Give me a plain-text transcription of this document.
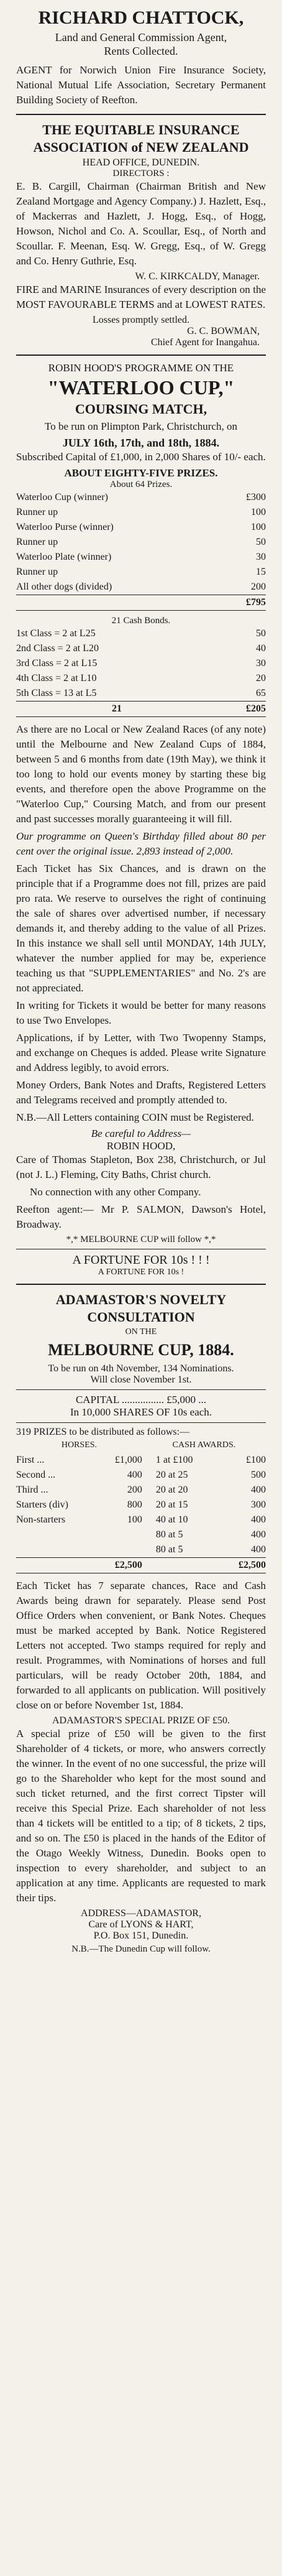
RICHARD CHATTOCK,
Land and General Commission Agent,
Rents Collected.

AGENT for Norwich Union Fire Insurance Society, National Mutual Life Association, Secretary Permanent Building Society of Reefton.

THE EQUITABLE INSURANCE ASSOCIATION of NEW ZEALAND
HEAD OFFICE, DUNEDIN.
DIRECTORS :

E. B. Cargill, Chairman (Chairman British and New Zealand Mortgage and Agency Company.) J. Hazlett, Esq., of Mackerras and Hazlett, J. Hogg, Esq., of Hogg, Howson, Nichol and Co. A. Scoullar, Esq., of North and Scoullar. F. Meenan, Esq. W. Gregg, Esq., of W. Gregg and Co. Henry Guthrie, Esq.

W. C. KIRKCALDY, Manager.

FIRE and MARINE Insurances of every description on the MOST FAVOURABLE TERMS and at LOWEST RATES.

Losses promptly settled.
G. C. BOWMAN,
Chief Agent for Inangahua.
ROBIN HOOD'S PROGRAMME ON THE
"WATERLOO CUP,"
COURSING MATCH,

To be run on Plimpton Park, Christchurch, on

JULY 16th, 17th, and 18th, 1884.

Subscribed Capital of £1,000, in 2,000 Shares of 10/- each.

ABOUT EIGHTY-FIVE PRIZES.
About 64 Prizes.
Waterloo Cup (winner)	£300
Runner up	100
Waterloo Purse (winner)	100
Runner up	50
Waterloo Plate (winner)	30
Runner up	15
All other dogs (divided)	200
	£795
21 Cash Bonds.
1st Class = 2 at L25	50
2nd Class = 2 at L20	40
3rd Class = 2 at L15	30
4th Class = 2 at L10	20
5th Class = 13 at L5	65
21	£205

As there are no Local or New Zealand Races (of any note) until the Melbourne and New Zealand Cups of 1884, between 5 and 6 months from date (19th May), we think it too long to hold our events money by starting these big events, and therefore open the above Programme on the "Waterloo Cup," Coursing Match, and from our present and past successes morally guaranteeing it will fill.

Our programme on Queen's Birthday filled about 80 per cent over the original issue. 2,893 instead of 2,000.

Each Ticket has Six Chances, and is drawn on the principle that if a Programme does not fill, prizes are paid pro rata. We reserve to ourselves the right of continuing the sale of shares over advertised number, if necessary demands it, and thereby adding to the value of all Prizes. In this instance we shall sell until MONDAY, 14th JULY, whatever the number applied for may be, experience teaching us that "SUPPLEMENTARIES" and No. 2's are not appreciated.

In writing for Tickets it would be better for many reasons to use Two Envelopes.

Applications, if by Letter, with Two Twopenny Stamps, and exchange on Cheques is added. Please write Signature and Address legibly, to avoid errors.

Money Orders, Bank Notes and Drafts, Registered Letters and Telegrams received and promptly attended to.

N.B.—All Letters containing COIN must be Registered.

Be careful to Address—
ROBIN HOOD,

Care of Thomas Stapleton, Box 238, Christchurch, or Jul (not J. L.) Fleming, City Baths, Christ church.

No connection with any other Company.

Reefton agent:— Mr P. SALMON, Dawson's Hotel, Broadway.

*,* MELBOURNE CUP will follow *,*
A FORTUNE FOR 10s ! ! !
A FORTUNE FOR 10s !
ADAMASTOR'S NOVELTY CONSULTATION
ON THE
MELBOURNE CUP, 1884.
To be run on 4th November, 134 Nominations.
Will close November 1st.
CAPITAL ................ £5,000 ...
In 10,000 SHARES OF 10s each.
319 PRIZES to be distributed as follows:—
HORSES.		CASH AWARDS.	
First ...	£1,000	1 at £100	£100
Second ...	400	20 at 25	500
Third ...	200	20 at 20	400
Starters (div)	800	20 at 15	300
Non-starters	100	40 at 10	400
		80 at 5	400
		80 at 5	400
	£2,500		£2,500

Each Ticket has 7 separate chances, Race and Cash Awards being drawn for separately. Please send Post Office Orders when convenient, or Bank Notes. Cheques must be marked accepted by Bank. Notice Registered Letters not accepted. Two stamps required for reply and result. Programmes, with Nominations of horses and full particulars, will be ready October 20th, 1884, and forwarded to all applicants on publication. Will positively close on or before November 1st, 1884.

ADAMASTOR'S SPECIAL PRIZE OF £50.

A special prize of £50 will be given to the first Shareholder of 4 tickets, or more, who answers correctly the winner. In the event of no one successful, the prize will go to the Shareholder who kept for the most sound and such ticket returned, and the first correct Tipster will receive this Special Prize. Each shareholder of not less than 4 tickets will be entitled to a tip; of 8 tickets, 2 tips, and so on. The £50 is placed in the hands of the Editor of the Otago Weekly Witness, Dunedin. Books open to inspection to every shareholder, and subject to an application at any time. Applicants are requested to mark their tips.

ADDRESS—ADAMASTOR,
Care of LYONS & HART,
P.O. Box 151, Dunedin.
N.B.—The Dunedin Cup will follow.
